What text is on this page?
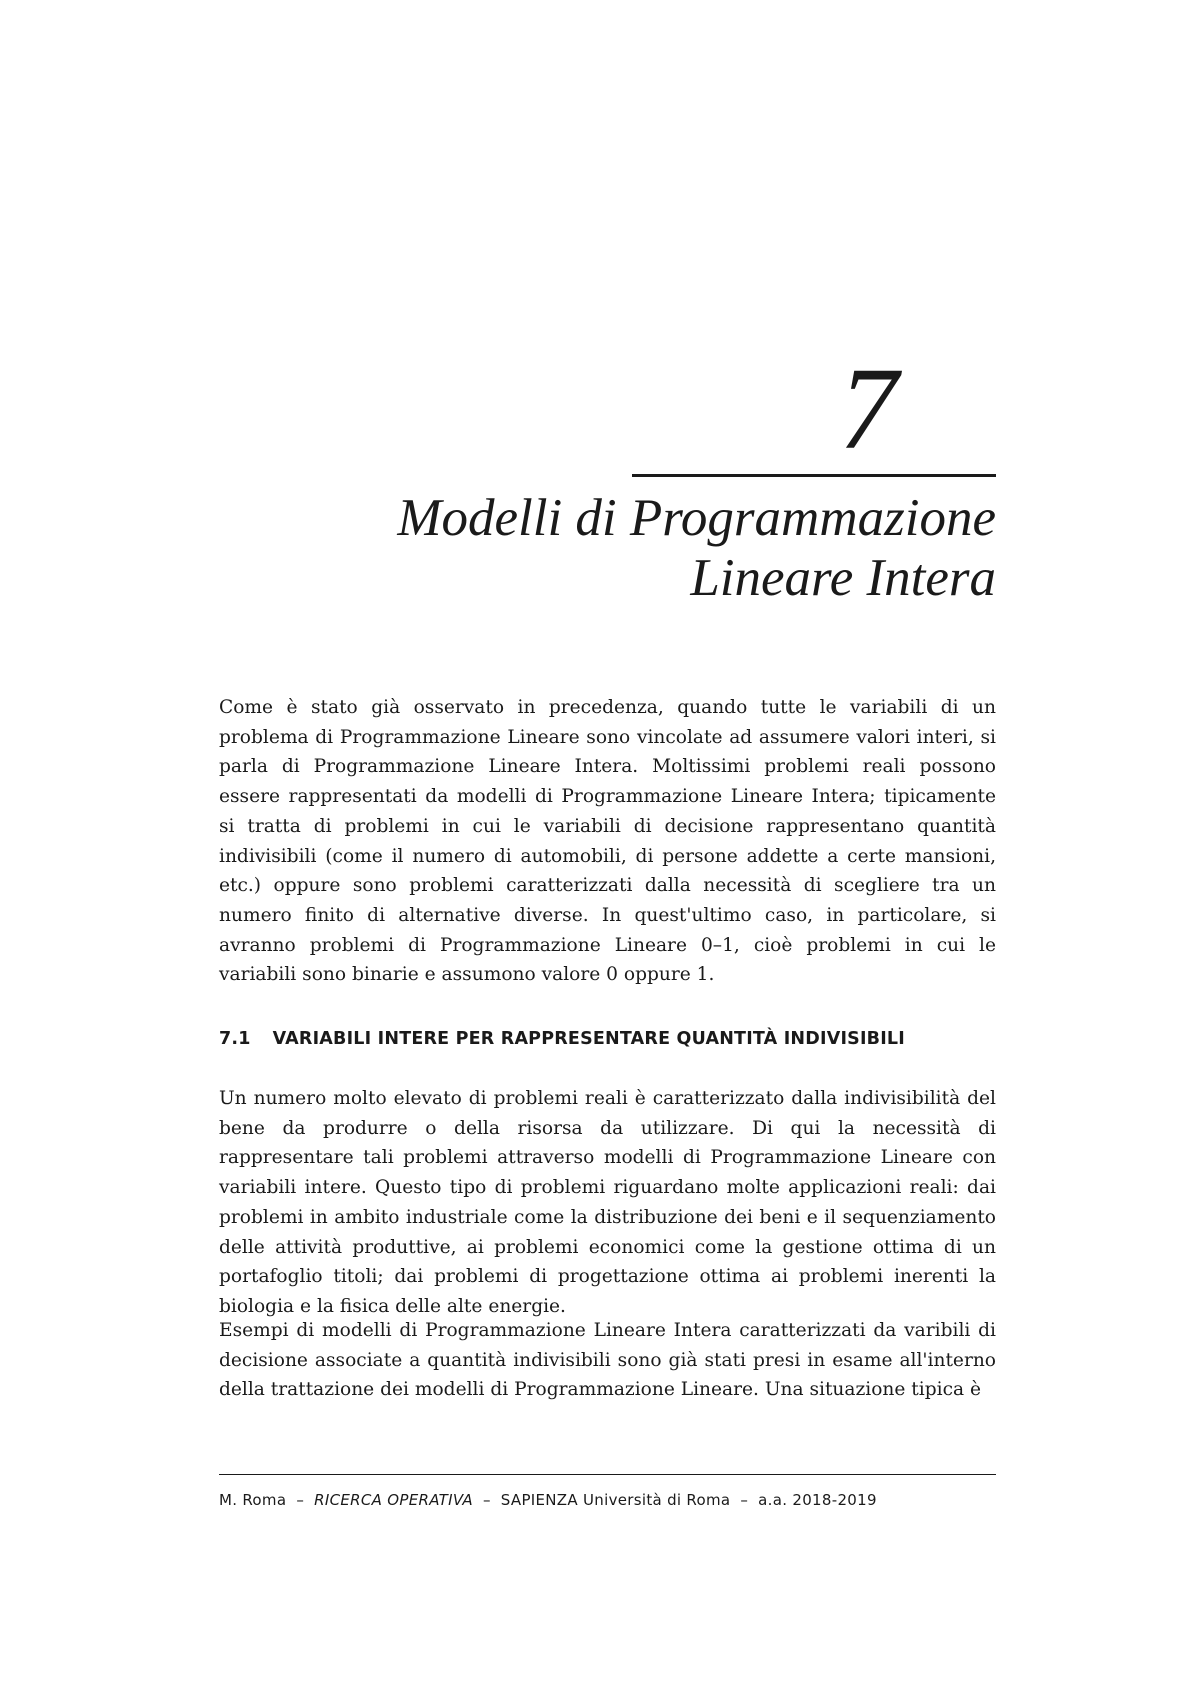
7
Modelli di Programmazione
Lineare Intera

Come è stato già osservato in precedenza, quando tutte le variabili di un problema di Programmazione Lineare sono vincolate ad assumere valori interi, si parla di Programmazione Lineare Intera. Moltissimi problemi reali possono essere rappresentati da modelli di Programmazione Lineare Intera; tipicamente si tratta di problemi in cui le variabili di decisione rappresentano quantità indivisibili (come il numero di automobili, di persone addette a certe mansioni, etc.) oppure sono problemi caratterizzati dalla necessità di scegliere tra un numero finito di alternative diverse. In quest'ultimo caso, in particolare, si avranno problemi di Programmazione Lineare 0–1, cioè problemi in cui le variabili sono binarie e assumono valore 0 oppure 1.

7.1 VARIABILI INTERE PER RAPPRESENTARE QUANTITÀ INDIVISIBILI

Un numero molto elevato di problemi reali è caratterizzato dalla indivisibilità del bene da produrre o della risorsa da utilizzare. Di qui la necessità di rappresentare tali problemi attraverso modelli di Programmazione Lineare con variabili intere. Questo tipo di problemi riguardano molte applicazioni reali: dai problemi in ambito industriale come la distribuzione dei beni e il sequenziamento delle attività produttive, ai problemi economici come la gestione ottima di un portafoglio titoli; dai problemi di progettazione ottima ai problemi inerenti la biologia e la fisica delle alte energie.

Esempi di modelli di Programmazione Lineare Intera caratterizzati da varibili di decisione associate a quantità indivisibili sono già stati presi in esame all'interno della trattazione dei modelli di Programmazione Lineare. Una situazione tipica è

M. Roma – RICERCA OPERATIVA – SAPIENZA Università di Roma – a.a. 2018-2019
